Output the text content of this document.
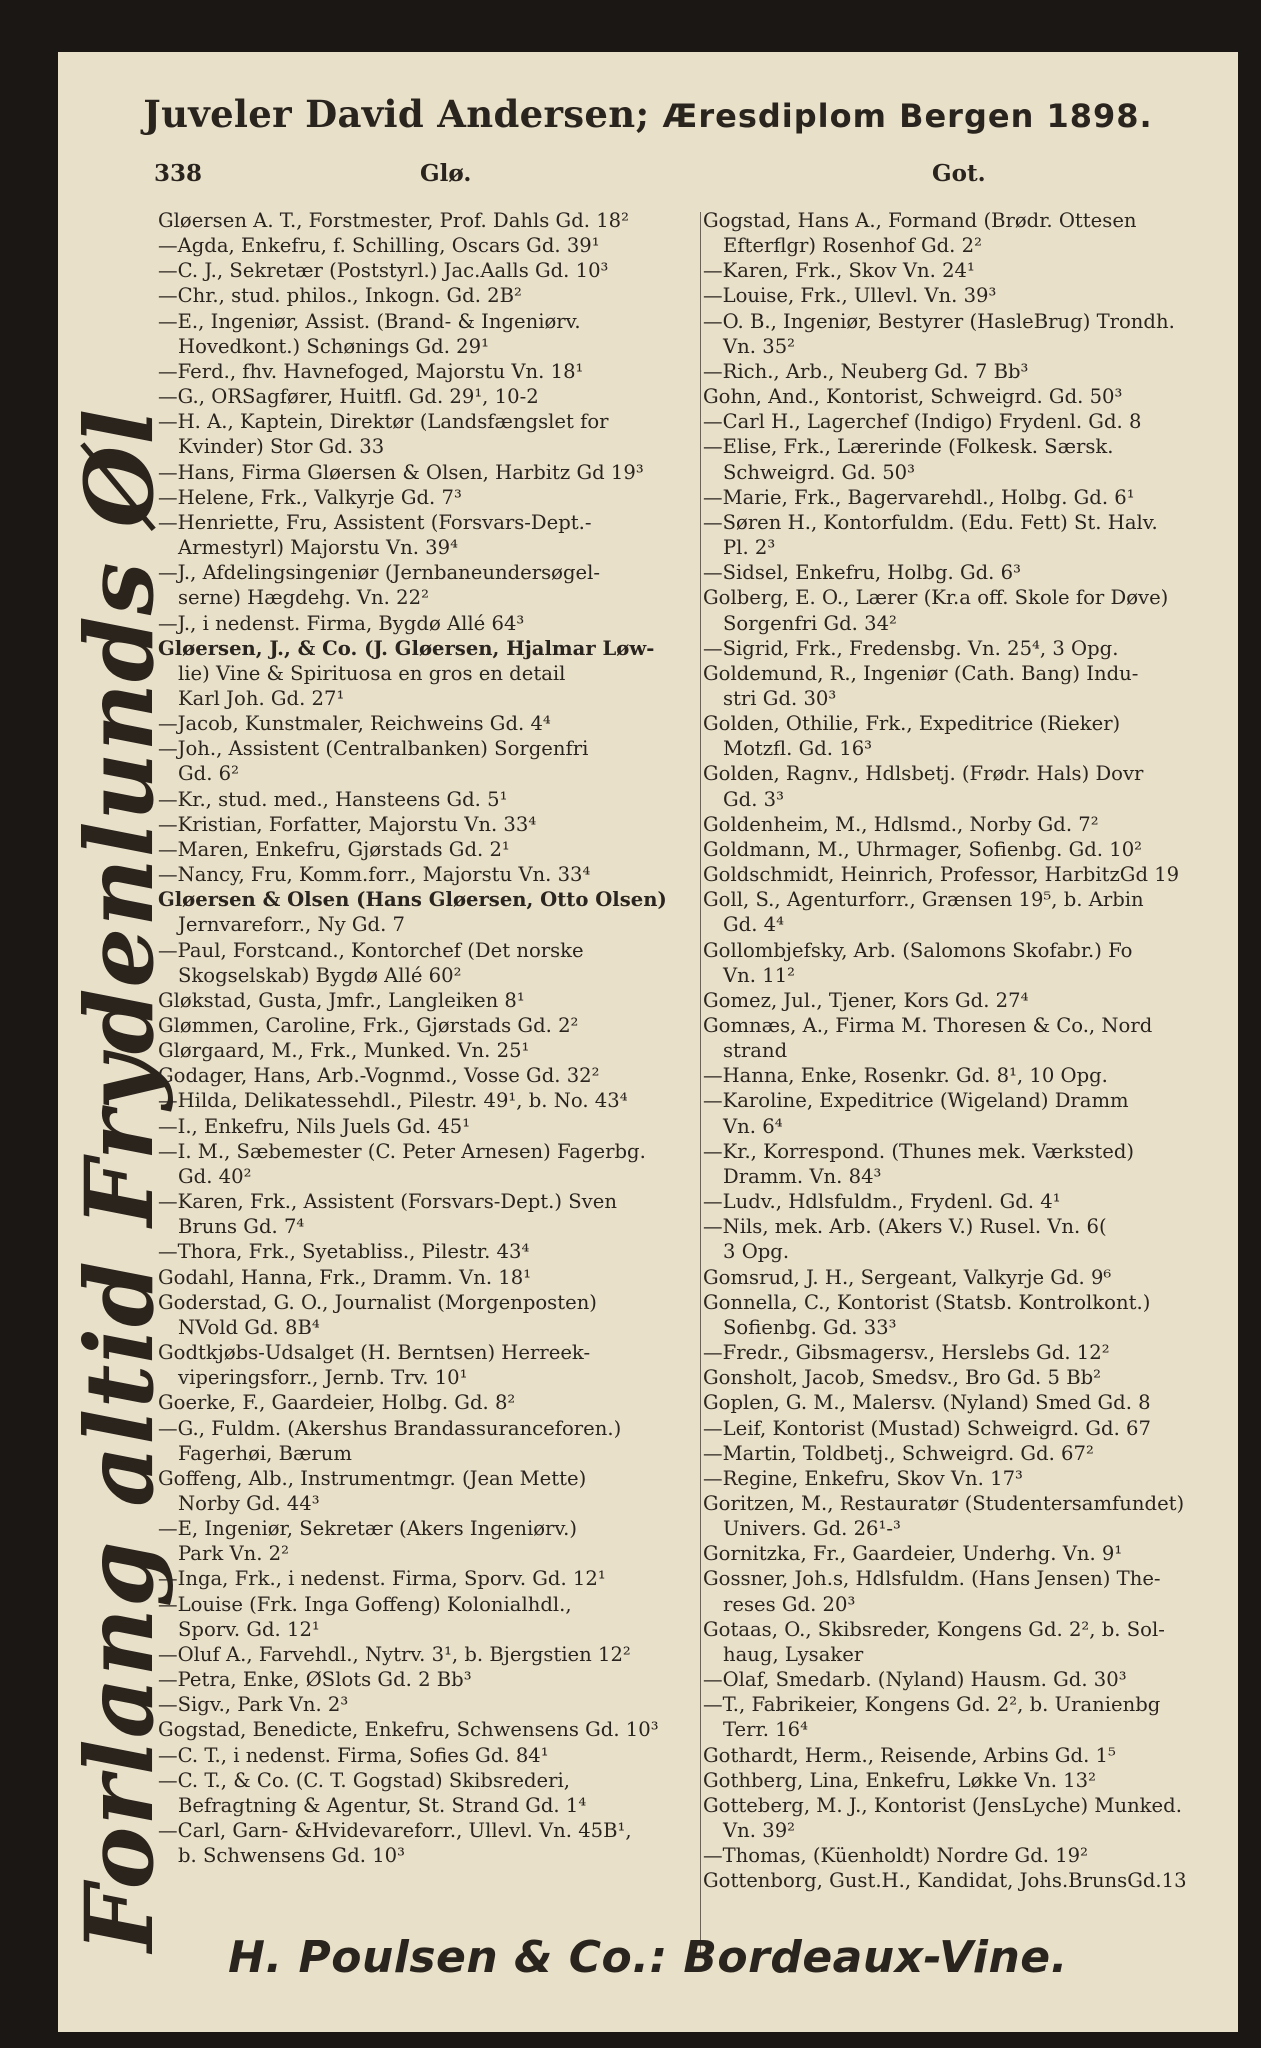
Juveler David Andersen; Æresdiplom Bergen 1898.
338	Glø.	Got.
Forlang altid Frydenlunds Øl
Gløersen A. T., Forstmester, Prof. Dahls Gd. 18²
—Agda, Enkefru, f. Schilling, Oscars Gd. 39¹
—C. J., Sekretær (Poststyrl.) Jac.Aalls Gd. 10³
—Chr., stud. philos., Inkogn. Gd. 2B²
—E., Ingeniør, Assist. (Brand- & Ingeniørv.
Hovedkont.) Schønings Gd. 29¹
—Ferd., fhv. Havnefoged, Majorstu Vn. 18¹
—G., ORSagfører, Huitfl. Gd. 29¹, 10-2
—H. A., Kaptein, Direktør (Landsfængslet for
Kvinder) Stor Gd. 33
—Hans, Firma Gløersen & Olsen, Harbitz Gd 19³
—Helene, Frk., Valkyrje Gd. 7³
—Henriette, Fru, Assistent (Forsvars-Dept.-
Armestyrl) Majorstu Vn. 39⁴
—J., Afdelingsingeniør (Jernbaneundersøgel-
serne) Hægdehg. Vn. 22²
—J., i nedenst. Firma, Bygdø Allé 64³
Gløersen, J., & Co. (J. Gløersen, Hjalmar Løw-
lie) Vine & Spirituosa en gros en detail
Karl Joh. Gd. 27¹
—Jacob, Kunstmaler, Reichweins Gd. 4⁴
—Joh., Assistent (Centralbanken) Sorgenfri
Gd. 6²
—Kr., stud. med., Hansteens Gd. 5¹
—Kristian, Forfatter, Majorstu Vn. 33⁴
—Maren, Enkefru, Gjørstads Gd. 2¹
—Nancy, Fru, Komm.forr., Majorstu Vn. 33⁴
Gløersen & Olsen (Hans Gløersen, Otto Olsen)
Jernvareforr., Ny Gd. 7
—Paul, Forstcand., Kontorchef (Det norske
Skogselskab) Bygdø Allé 60²
Gløkstad, Gusta, Jmfr., Langleiken 8¹
Glømmen, Caroline, Frk., Gjørstads Gd. 2²
Glørgaard, M., Frk., Munked. Vn. 25¹
Godager, Hans, Arb.-Vognmd., Vosse Gd. 32²
—Hilda, Delikatessehdl., Pilestr. 49¹, b. No. 43⁴
—I., Enkefru, Nils Juels Gd. 45¹
—I. M., Sæbemester (C. Peter Arnesen) Fagerbg.
Gd. 40²
—Karen, Frk., Assistent (Forsvars-Dept.) Sven
Bruns Gd. 7⁴
—Thora, Frk., Syetabliss., Pilestr. 43⁴
Godahl, Hanna, Frk., Dramm. Vn. 18¹
Goderstad, G. O., Journalist (Morgenposten)
NVold Gd. 8B⁴
Godtkjøbs-Udsalget (H. Berntsen) Herreek-
viperingsforr., Jernb. Trv. 10¹
Goerke, F., Gaardeier, Holbg. Gd. 8²
—G., Fuldm. (Akershus Brandassuranceforen.)
Fagerhøi, Bærum
Goffeng, Alb., Instrumentmgr. (Jean Mette)
Norby Gd. 44³
—E, Ingeniør, Sekretær (Akers Ingeniørv.)
Park Vn. 2²
—Inga, Frk., i nedenst. Firma, Sporv. Gd. 12¹
—Louise (Frk. Inga Goffeng) Kolonialhdl.,
Sporv. Gd. 12¹
—Oluf A., Farvehdl., Nytrv. 3¹, b. Bjergstien 12²
—Petra, Enke, ØSlots Gd. 2 Bb³
—Sigv., Park Vn. 2³
Gogstad, Benedicte, Enkefru, Schwensens Gd. 10³
—C. T., i nedenst. Firma, Sofies Gd. 84¹
—C. T., & Co. (C. T. Gogstad) Skibsrederi,
Befragtning & Agentur, St. Strand Gd. 1⁴
—Carl, Garn- &Hvidevareforr., Ullevl. Vn. 45B¹,
b. Schwensens Gd. 10³
Gogstad, Hans A., Formand (Brødr. Ottesen
Efterflgr) Rosenhof Gd. 2²
—Karen, Frk., Skov Vn. 24¹
—Louise, Frk., Ullevl. Vn. 39³
—O. B., Ingeniør, Bestyrer (HasleBrug) Trondh.
Vn. 35²
—Rich., Arb., Neuberg Gd. 7 Bb³
Gohn, And., Kontorist, Schweigrd. Gd. 50³
—Carl H., Lagerchef (Indigo) Frydenl. Gd. 8
—Elise, Frk., Lærerinde (Folkesk. Særsk.
Schweigrd. Gd. 50³
—Marie, Frk., Bagervarehdl., Holbg. Gd. 6¹
—Søren H., Kontorfuldm. (Edu. Fett) St. Halv.
Pl. 2³
—Sidsel, Enkefru, Holbg. Gd. 6³
Golberg, E. O., Lærer (Kr.a off. Skole for Døve)
Sorgenfri Gd. 34²
—Sigrid, Frk., Fredensbg. Vn. 25⁴, 3 Opg.
Goldemund, R., Ingeniør (Cath. Bang) Indu-
stri Gd. 30³
Golden, Othilie, Frk., Expeditrice (Rieker)
Motzfl. Gd. 16³
Golden, Ragnv., Hdlsbetj. (Frødr. Hals) Dovr
Gd. 3³
Goldenheim, M., Hdlsmd., Norby Gd. 7²
Goldmann, M., Uhrmager, Sofienbg. Gd. 10²
Goldschmidt, Heinrich, Professor, HarbitzGd 19
Goll, S., Agenturforr., Grænsen 19⁵, b. Arbin
Gd. 4⁴
Gollombjefsky, Arb. (Salomons Skofabr.) Fo
Vn. 11²
Gomez, Jul., Tjener, Kors Gd. 27⁴
Gomnæs, A., Firma M. Thoresen & Co., Nord
strand
—Hanna, Enke, Rosenkr. Gd. 8¹, 10 Opg.
—Karoline, Expeditrice (Wigeland) Dramm
Vn. 6⁴
—Kr., Korrespond. (Thunes mek. Værksted)
Dramm. Vn. 84³
—Ludv., Hdlsfuldm., Frydenl. Gd. 4¹
—Nils, mek. Arb. (Akers V.) Rusel. Vn. 6(
3 Opg.
Gomsrud, J. H., Sergeant, Valkyrje Gd. 9⁶
Gonnella, C., Kontorist (Statsb. Kontrolkont.)
Sofienbg. Gd. 33³
—Fredr., Gibsmagersv., Herslebs Gd. 12²
Gonsholt, Jacob, Smedsv., Bro Gd. 5 Bb²
Goplen, G. M., Malersv. (Nyland) Smed Gd. 8
—Leif, Kontorist (Mustad) Schweigrd. Gd. 67
—Martin, Toldbetj., Schweigrd. Gd. 67²
—Regine, Enkefru, Skov Vn. 17³
Goritzen, M., Restauratør (Studentersamfundet)
Univers. Gd. 26¹-³
Gornitzka, Fr., Gaardeier, Underhg. Vn. 9¹
Gossner, Joh.s, Hdlsfuldm. (Hans Jensen) The-
reses Gd. 20³
Gotaas, O., Skibsreder, Kongens Gd. 2², b. Sol-
haug, Lysaker
—Olaf, Smedarb. (Nyland) Hausm. Gd. 30³
—T., Fabrikeier, Kongens Gd. 2², b. Uranienbg
Terr. 16⁴
Gothardt, Herm., Reisende, Arbins Gd. 1⁵
Gothberg, Lina, Enkefru, Løkke Vn. 13²
Gotteberg, M. J., Kontorist (JensLyche) Munked.
Vn. 39²
—Thomas, (Küenholdt) Nordre Gd. 19²
Gottenborg, Gust.H., Kandidat, Johs.BrunsGd.13
H. Poulsen & Co.: Bordeaux-Vine.
